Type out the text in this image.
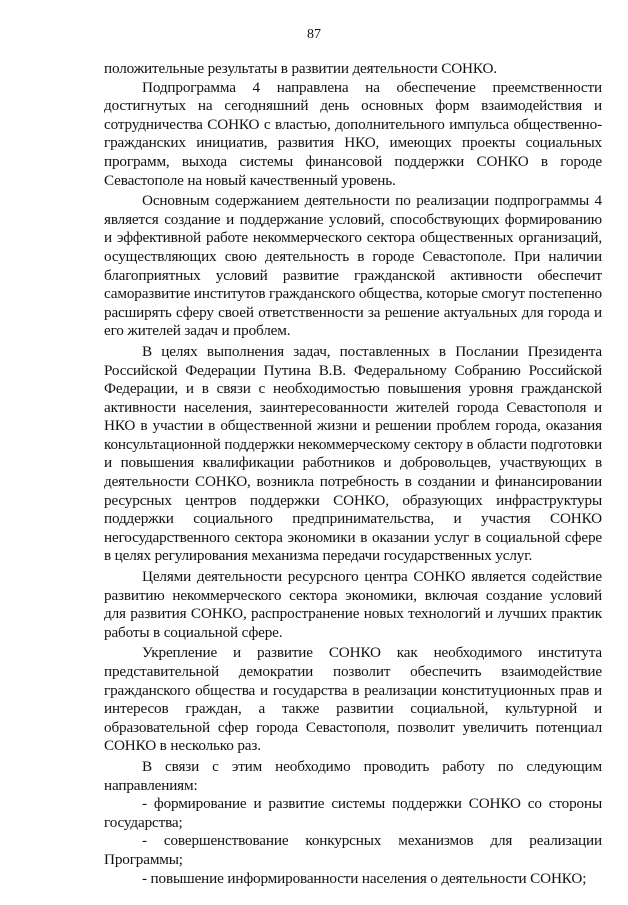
87

положительные результаты в развитии деятельности СОНКО.

Подпрограмма 4 направлена на обеспечение преемственности достигнутых на сегодняшний день основных форм взаимодействия и сотрудничества СОНКО с властью, дополнительного импульса общественно-гражданских инициатив, развития НКО, имеющих проекты социальных программ, выхода системы финансовой поддержки СОНКО в городе Севастополе на новый качественный уровень.

Основным содержанием деятельности по реализации подпрограммы 4 является создание и поддержание условий, способствующих формированию и эффективной работе некоммерческого сектора общественных организаций, осуществляющих свою деятельность в городе Севастополе. При наличии благоприятных условий развитие гражданской активности обеспечит саморазвитие институтов гражданского общества, которые смогут постепенно расширять сферу своей ответственности за решение актуальных для города и его жителей задач и проблем.

В целях выполнения задач, поставленных в Послании Президента Российской Федерации Путина В.В. Федеральному Собранию Российской Федерации, и в связи с необходимостью повышения уровня гражданской активности населения, заинтересованности жителей города Севастополя и НКО в участии в общественной жизни и решении проблем города, оказания консультационной поддержки некоммерческому сектору в области подготовки и повышения квалификации работников и добровольцев, участвующих в деятельности СОНКО, возникла потребность в создании и финансировании ресурсных центров поддержки СОНКО, образующих инфраструктуры поддержки социального предпринимательства, и участия СОНКО негосударственного сектора экономики в оказании услуг в социальной сфере в целях регулирования механизма передачи государственных услуг.

Целями деятельности ресурсного центра СОНКО является содействие развитию некоммерческого сектора экономики, включая создание условий для развития СОНКО, распространение новых технологий и лучших практик работы в социальной сфере.

Укрепление и развитие СОНКО как необходимого института представительной демократии позволит обеспечить взаимодействие гражданского общества и государства в реализации конституционных прав и интересов граждан, а также развитии социальной, культурной и образовательной сфер города Севастополя, позволит увеличить потенциал СОНКО в несколько раз.

В связи с этим необходимо проводить работу по следующим направлениям:

- формирование и развитие системы поддержки СОНКО со стороны государства;

- совершенствование конкурсных механизмов для реализации Программы;

- повышение информированности населения о деятельности СОНКО;
